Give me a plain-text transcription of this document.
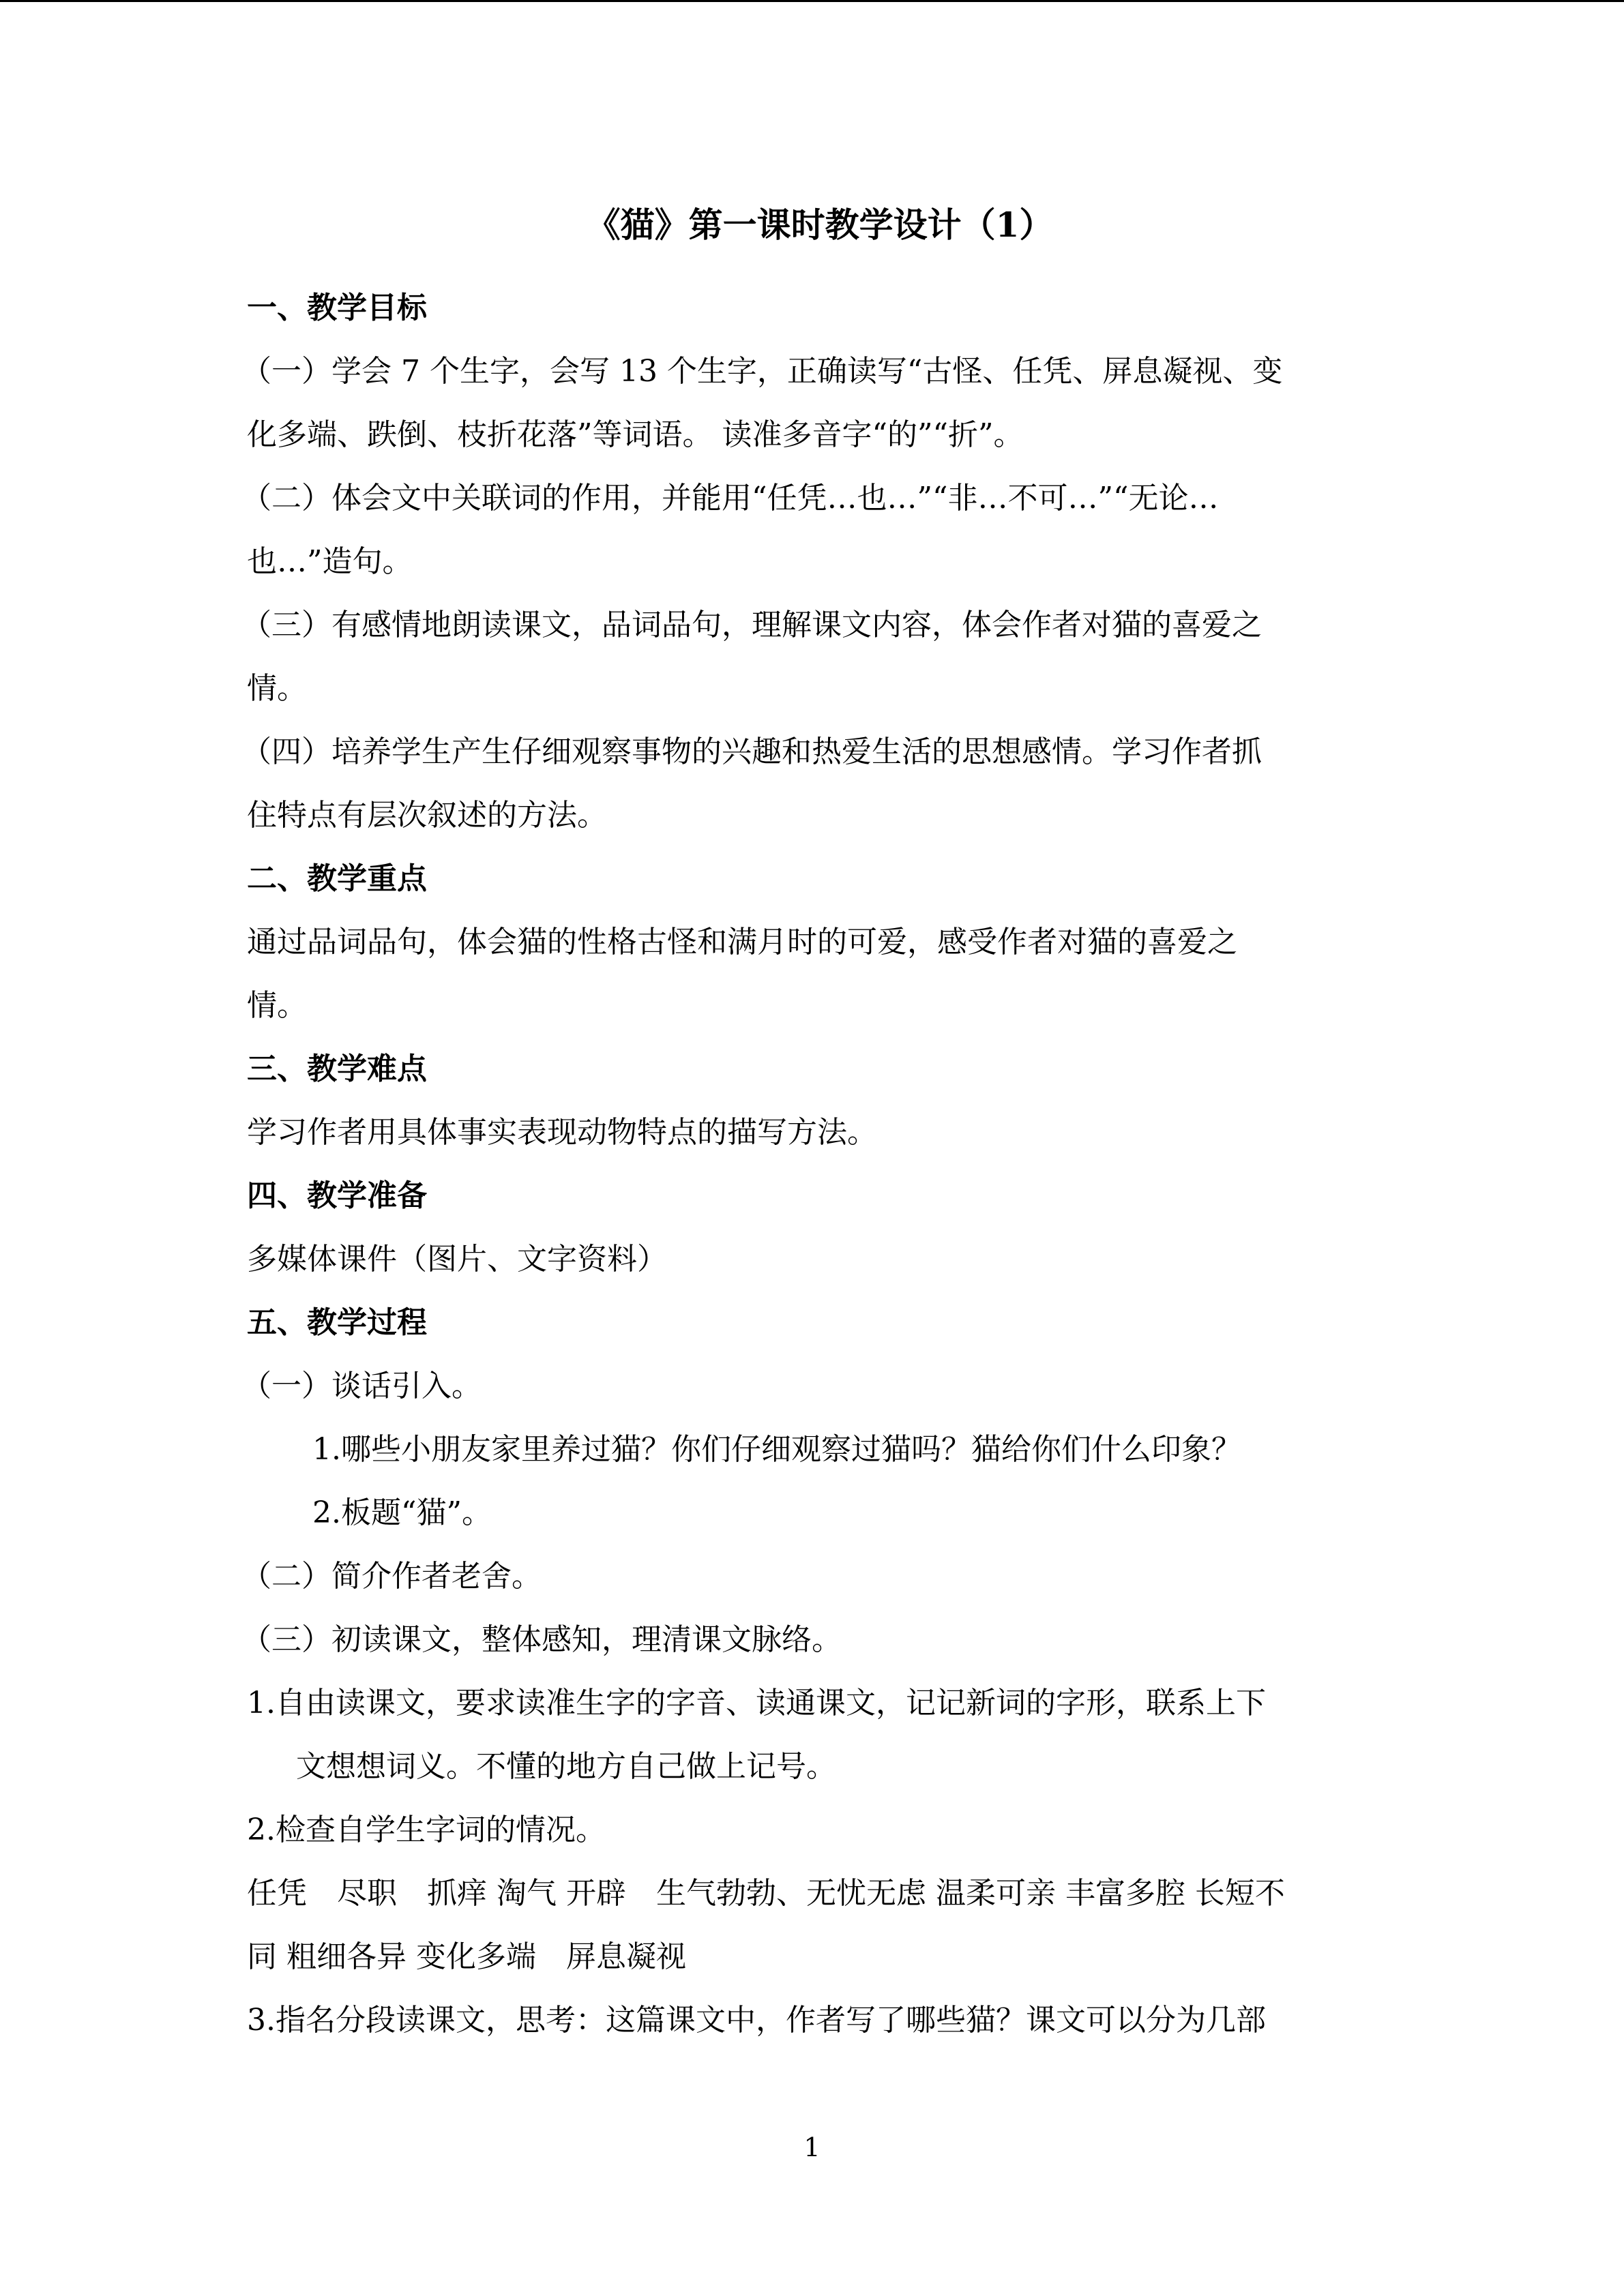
《猫》第一课时教学设计（1）
一、教学目标
（一）学会 7 个生字，会写 13 个生字，正确读写“古怪、任凭、屏息凝视、变
化多端、跌倒、枝折花落”等词语。 读准多音字“的”“折”。
（二）体会文中关联词的作用，并能用“任凭…也…”“非…不可…”“无论…
也…”造句。
（三）有感情地朗读课文，品词品句，理解课文内容，体会作者对猫的喜爱之
情。
（四）培养学生产生仔细观察事物的兴趣和热爱生活的思想感情。学习作者抓
住特点有层次叙述的方法。
二、教学重点
通过品词品句，体会猫的性格古怪和满月时的可爱，感受作者对猫的喜爱之
情。
三、教学难点
学习作者用具体事实表现动物特点的描写方法。
四、教学准备
多媒体课件（图片、文字资料）
五、教学过程
（一）谈话引入。
1.哪些小朋友家里养过猫？你们仔细观察过猫吗？猫给你们什么印象？
2.板题“猫”。
（二）简介作者老舍。
（三）初读课文，整体感知，理清课文脉络。
1.自由读课文，要求读准生字的字音、读通课文，记记新词的字形，联系上下
文想想词义。不懂的地方自己做上记号。
2.检查自学生字词的情况。
任凭　尽职　抓痒 淘气 开辟　生气勃勃、无忧无虑 温柔可亲 丰富多腔 长短不
同 粗细各异 变化多端　屏息凝视
3.指名分段读课文，思考：这篇课文中，作者写了哪些猫？课文可以分为几部
1
